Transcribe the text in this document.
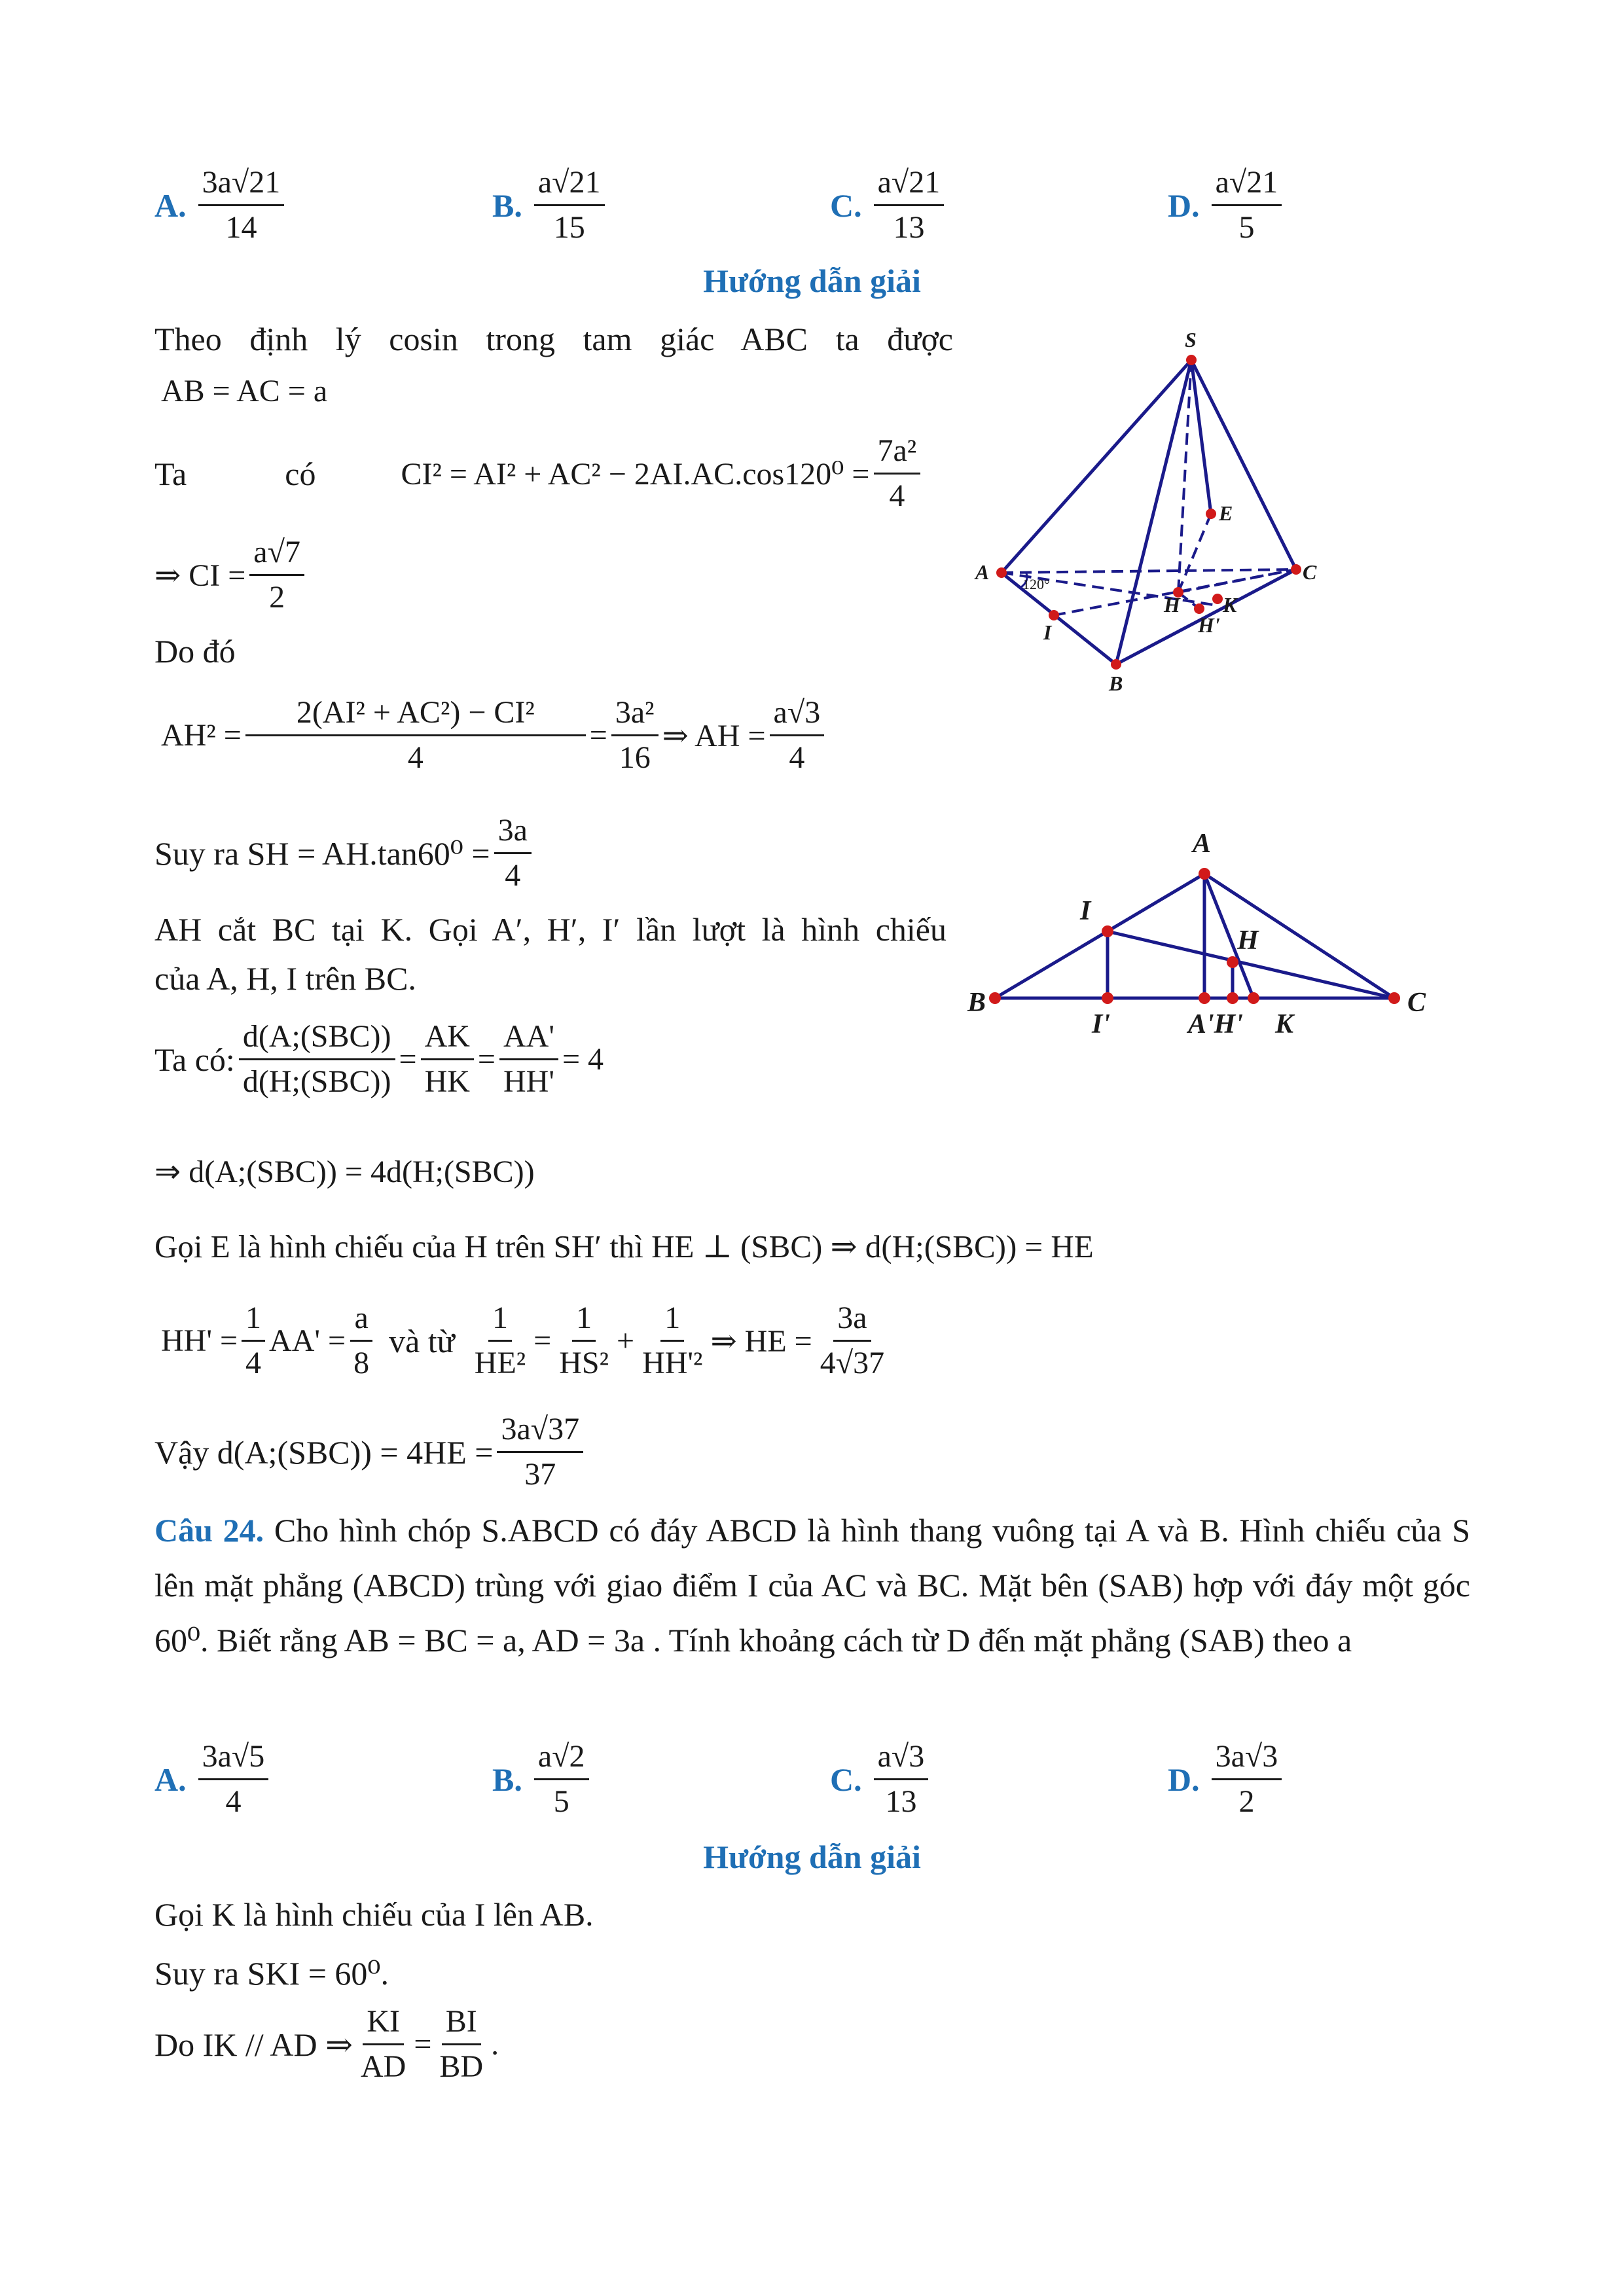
A. $\frac{3a√21}{14}$	B. $\frac{a√21}{15}$	C. $\frac{a√21}{13}$	D. $\frac{a√21}{5}$
Hướng dẫn giải
Theo định lý cosin trong tam giác ABC ta được
AB = AC = a
Ta	có	$CI^2 = AI^2 + AC^2 - 2AI.AC.\cos 120^0 = \frac{\text{7a²}}{4}$
⇒ CI = $\frac{a√7}{2}$
Do đó
$AH^2 = \frac{\text{2(AI² + AC²) − CI²}}{4} = \frac{\text{3a²}}{16}$ ⇒ AH = $\frac{a√3}{4}$
Suy ra SH = $AH.\tan 60^0 = \frac{3a}{4}$
AH cắt BC tại K. Gọi A′, H′, I′ lần lượt là hình chiếu
của A, H, I trên BC.
Ta có: $\frac{\text{d(A;(SBC))}}{\text{d(H;(SBC))}} = \frac{AK}{HK} = \frac{AA'}{HH'} = 4$
⇒ d(A;(SBC)) = 4d(H;(SBC))
Gọi E là hình chiếu của H trên SH′ thì HE ⊥ (SBC) ⇒ d(H;(SBC)) = HE
$HH' = \frac{1}{4} AA' = \frac{a}{8}$ và từ $\frac{1}{\text{HE²}} = \frac{1}{\text{HS²}} + \frac{1}{\text{HH'²}}$ ⇒ HE = $\frac{3a}{4√37}$
Vậy d(A;(SBC)) = $4HE = \frac{3a√37}{37}$
Câu 24. Cho hình chóp S.ABCD có đáy ABCD là hình thang vuông tại A và B. Hình chiếu của S lên mặt phẳng (ABCD) trùng với giao điểm I của AC và BC. Mặt bên (SAB) hợp với đáy một góc 60⁰. Biết rằng AB = BC = a, AD = 3a . Tính khoảng cách từ D đến mặt phẳng (SAB) theo a
A. $\frac{3a√5}{4}$	B. $\frac{a√2}{5}$	C. $\frac{a√3}{13}$	D. $\frac{3a√3}{2}$
Hướng dẫn giải
Gọi K là hình chiếu của I lên AB.
Suy ra SKI = 60⁰.
Do IK // AD ⇒ $\frac{KI}{AD} = \frac{BI}{BD}$ .
S
A	C
B
E
H K
H'
I
120°
A
B	C
I
H
I'	A'H' K
